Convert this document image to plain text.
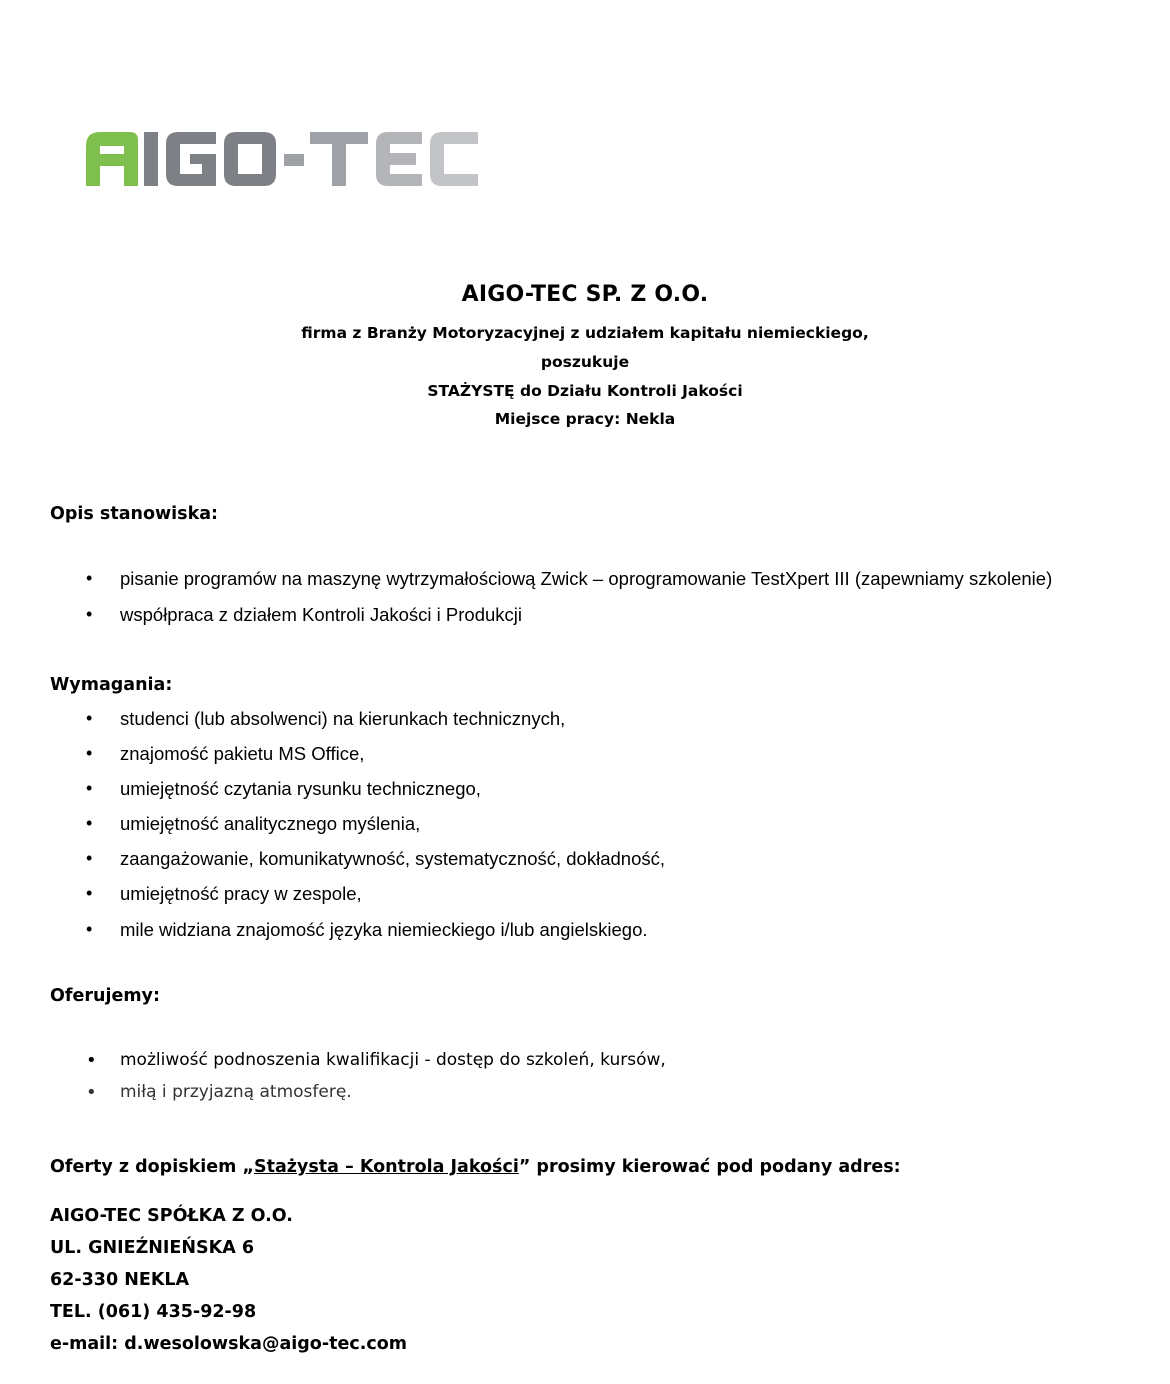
AIGO-TEC SP. Z O.O.
firma z Branży Motoryzacyjnej z udziałem kapitału niemieckiego,
poszukuje
STAŻYSTĘ do Działu Kontroli Jakości
Miejsce pracy: Nekla
Opis stanowiska:
• pisanie programów na maszynę wytrzymałościową Zwick – oprogramowanie TestXpert III (zapewniamy szkolenie)
• współpraca z działem Kontroli Jakości i Produkcji
Wymagania:
• studenci (lub absolwenci) na kierunkach technicznych,
• znajomość pakietu MS Office,
• umiejętność czytania rysunku technicznego,
• umiejętność analitycznego myślenia,
• zaangażowanie, komunikatywność, systematyczność, dokładność,
• umiejętność pracy w zespole,
• mile widziana znajomość języka niemieckiego i/lub angielskiego.
Oferujemy:
• możliwość podnoszenia kwalifikacji - dostęp do szkoleń, kursów,
• miłą i przyjazną atmosferę.
Oferty z dopiskiem „Stażysta – Kontrola Jakości” prosimy kierować pod podany adres:
AIGO-TEC SPÓŁKA Z O.O.
UL. GNIEŹNIEŃSKA 6
62-330 NEKLA
TEL. (061) 435-92-98
e-mail: d.wesolowska@aigo-tec.com
